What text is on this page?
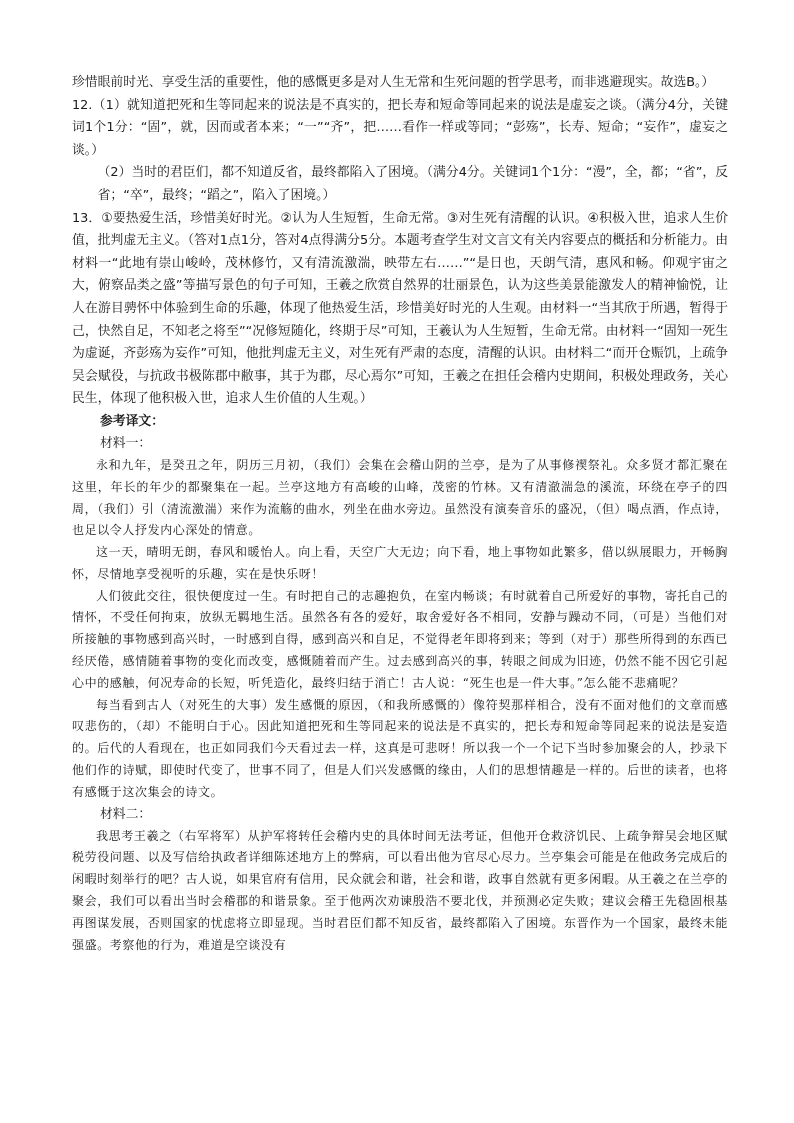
珍惜眼前时光、享受生活的重要性，他的感慨更多是对人生无常和生死问题的哲学思考，而非逃避现实。故选B。）

12.（1）就知道把死和生等同起来的说法是不真实的，把长寿和短命等同起来的说法是虚妄之谈。（满分4分，关键词1个1分：“固”，就，因而或者本来；“一”“齐”，把……看作一样或等同；“彭殇”，长寿、短命；“妄作”，虚妄之谈。）

（2）当时的君臣们，都不知道反省，最终都陷入了困境。（满分4分。关键词1个1分：“漫”，全，都；“省”，反省；“卒”，最终；“蹈之”，陷入了困境。）

13．①要热爱生活，珍惜美好时光。②认为人生短暂，生命无常。③对生死有清醒的认识。④积极入世，追求人生价值，批判虚无主义。（答对1点1分，答对4点得满分5分。本题考查学生对文言文有关内容要点的概括和分析能力。由材料一“此地有崇山峻岭，茂林修竹，又有清流激湍，映带左右……”“是日也，天朗气清，惠风和畅。仰观宇宙之大，俯察品类之盛”等描写景色的句子可知，王羲之欣赏自然界的壮丽景色，认为这些美景能激发人的精神愉悦，让人在游目骋怀中体验到生命的乐趣，体现了他热爱生活，珍惜美好时光的人生观。由材料一“当其欣于所遇，暂得于己，快然自足，不知老之将至”“况修短随化，终期于尽”可知，王羲认为人生短暂，生命无常。由材料一“固知一死生为虚诞，齐彭殇为妄作”可知，他批判虚无主义，对生死有严肃的态度，清醒的认识。由材料二“而开仓赈饥，上疏争吴会赋役，与抗政书极陈郡中敝事，其于为郡，尽心焉尔”可知，王羲之在担任会稽内史期间，积极处理政务，关心民生，体现了他积极入世，追求人生价值的人生观。）

参考译文：
材料一：

永和九年，是癸丑之年，阴历三月初，（我们）会集在会稽山阴的兰亭，是为了从事修禊祭礼。众多贤才都汇聚在这里，年长的年少的都聚集在一起。兰亭这地方有高峻的山峰，茂密的竹林。又有清澈湍急的溪流，环绕在亭子的四周，（我们）引（清流激湍）来作为流觞的曲水，列坐在曲水旁边。虽然没有演奏音乐的盛况，（但）喝点酒，作点诗，也足以令人抒发内心深处的情意。

这一天，晴明无朗，春风和暖怡人。向上看，天空广大无边；向下看，地上事物如此繁多，借以纵展眼力，开畅胸怀，尽情地享受视听的乐趣，实在是快乐呀！

人们彼此交往，很快便度过一生。有时把自己的志趣抱负，在室内畅谈；有时就着自己所爱好的事物，寄托自己的情怀，不受任何拘束，放纵无羁地生活。虽然各有各的爱好，取舍爱好各不相同，安静与躁动不同，（可是）当他们对所接触的事物感到高兴时，一时感到自得，感到高兴和自足，不觉得老年即将到来；等到（对于）那些所得到的东西已经厌倦，感情随着事物的变化而改变，感慨随着而产生。过去感到高兴的事，转眼之间成为旧迹，仍然不能不因它引起心中的感触，何况寿命的长短，听凭造化，最终归结于消亡！古人说：“死生也是一件大事。”怎么能不悲痛呢？

每当看到古人（对死生的大事）发生感慨的原因，（和我所感慨的）像符契那样相合，没有不面对他们的文章而感叹悲伤的，（却）不能明白于心。因此知道把死和生等同起来的说法是不真实的，把长寿和短命等同起来的说法是妄造的。后代的人看现在，也正如同我们今天看过去一样，这真是可悲呀！所以我一个一个记下当时参加聚会的人，抄录下他们作的诗赋，即使时代变了，世事不同了，但是人们兴发感慨的缘由，人们的思想情趣是一样的。后世的读者，也将有感慨于这次集会的诗文。

材料二：

我思考王羲之（右军将军）从护军将转任会稽内史的具体时间无法考证，但他开仓救济饥民、上疏争辩吴会地区赋税劳役问题、以及写信给执政者详细陈述地方上的弊病，可以看出他为官尽心尽力。兰亭集会可能是在他政务完成后的闲暇时刻举行的吧？古人说，如果官府有信用，民众就会和谐，社会和谐，政事自然就有更多闲暇。从王羲之在兰亭的聚会，我们可以看出当时会稽郡的和谐景象。至于他两次劝谏殷浩不要北伐，并预测必定失败；建议会稽王先稳固根基再图谋发展，否则国家的忧虑将立即显现。当时君臣们都不知反省，最终都陷入了困境。东晋作为一个国家，最终未能强盛。考察他的行为，难道是空谈没有
